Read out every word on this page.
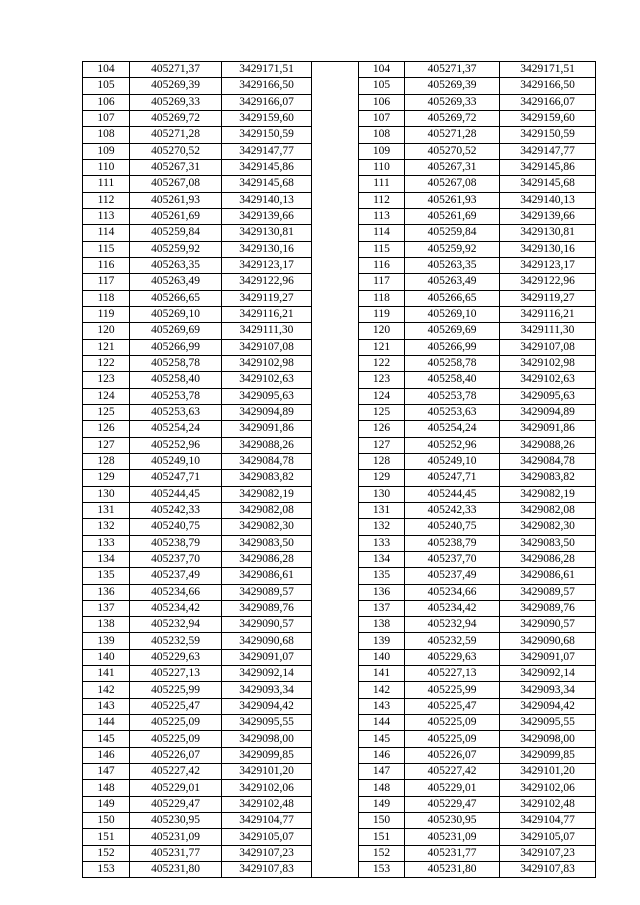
104	405271,37	3429171,51		104	405271,37	3429171,51
105	405269,39	3429166,50		105	405269,39	3429166,50
106	405269,33	3429166,07		106	405269,33	3429166,07
107	405269,72	3429159,60		107	405269,72	3429159,60
108	405271,28	3429150,59		108	405271,28	3429150,59
109	405270,52	3429147,77		109	405270,52	3429147,77
110	405267,31	3429145,86		110	405267,31	3429145,86
111	405267,08	3429145,68		111	405267,08	3429145,68
112	405261,93	3429140,13		112	405261,93	3429140,13
113	405261,69	3429139,66		113	405261,69	3429139,66
114	405259,84	3429130,81		114	405259,84	3429130,81
115	405259,92	3429130,16		115	405259,92	3429130,16
116	405263,35	3429123,17		116	405263,35	3429123,17
117	405263,49	3429122,96		117	405263,49	3429122,96
118	405266,65	3429119,27		118	405266,65	3429119,27
119	405269,10	3429116,21		119	405269,10	3429116,21
120	405269,69	3429111,30		120	405269,69	3429111,30
121	405266,99	3429107,08		121	405266,99	3429107,08
122	405258,78	3429102,98		122	405258,78	3429102,98
123	405258,40	3429102,63		123	405258,40	3429102,63
124	405253,78	3429095,63		124	405253,78	3429095,63
125	405253,63	3429094,89		125	405253,63	3429094,89
126	405254,24	3429091,86		126	405254,24	3429091,86
127	405252,96	3429088,26		127	405252,96	3429088,26
128	405249,10	3429084,78		128	405249,10	3429084,78
129	405247,71	3429083,82		129	405247,71	3429083,82
130	405244,45	3429082,19		130	405244,45	3429082,19
131	405242,33	3429082,08		131	405242,33	3429082,08
132	405240,75	3429082,30		132	405240,75	3429082,30
133	405238,79	3429083,50		133	405238,79	3429083,50
134	405237,70	3429086,28		134	405237,70	3429086,28
135	405237,49	3429086,61		135	405237,49	3429086,61
136	405234,66	3429089,57		136	405234,66	3429089,57
137	405234,42	3429089,76		137	405234,42	3429089,76
138	405232,94	3429090,57		138	405232,94	3429090,57
139	405232,59	3429090,68		139	405232,59	3429090,68
140	405229,63	3429091,07		140	405229,63	3429091,07
141	405227,13	3429092,14		141	405227,13	3429092,14
142	405225,99	3429093,34		142	405225,99	3429093,34
143	405225,47	3429094,42		143	405225,47	3429094,42
144	405225,09	3429095,55		144	405225,09	3429095,55
145	405225,09	3429098,00		145	405225,09	3429098,00
146	405226,07	3429099,85		146	405226,07	3429099,85
147	405227,42	3429101,20		147	405227,42	3429101,20
148	405229,01	3429102,06		148	405229,01	3429102,06
149	405229,47	3429102,48		149	405229,47	3429102,48
150	405230,95	3429104,77		150	405230,95	3429104,77
151	405231,09	3429105,07		151	405231,09	3429105,07
152	405231,77	3429107,23		152	405231,77	3429107,23
153	405231,80	3429107,83		153	405231,80	3429107,83
